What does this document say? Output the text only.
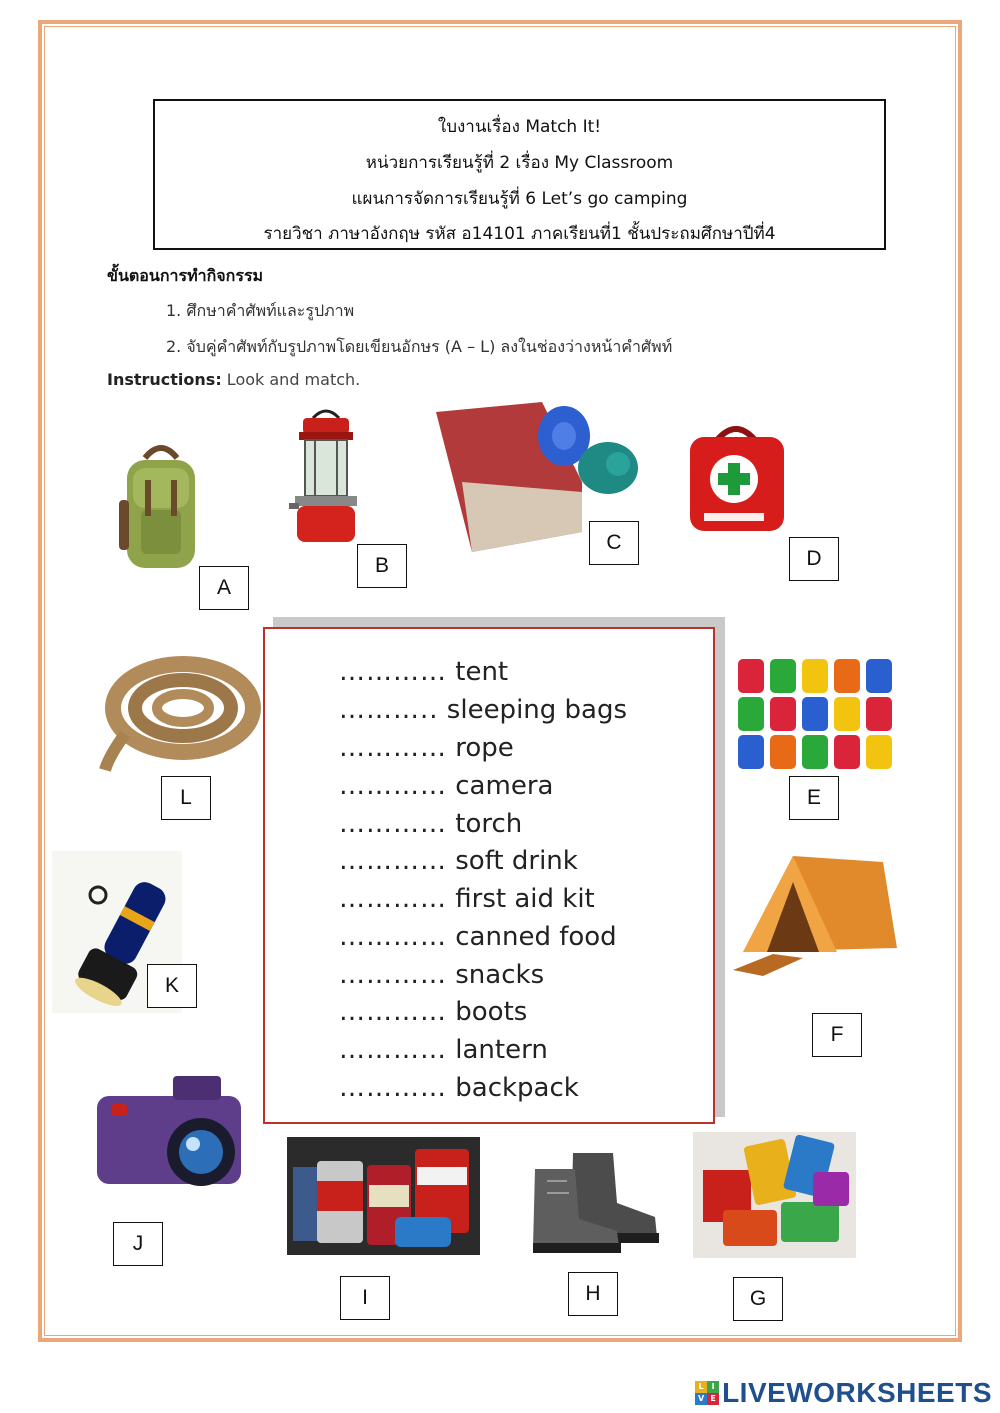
ใบงานเรื่อง Match It!
หน่วยการเรียนรู้ที่ 2 เรื่อง My Classroom
แผนการจัดการเรียนรู้ที่ 6 Let’s go camping
รายวิชา ภาษาอังกฤษ รหัส อ14101 ภาคเรียนที่1 ชั้นประถมศึกษาปีที่4
ขั้นตอนการทำกิจกรรม
1. ศึกษาคำศัพท์และรูปภาพ
2. จับคู่คำศัพท์กับรูปภาพโดยเขียนอักษร (A – L) ลงในช่องว่างหน้าคำศัพท์
Instructions: Look and match.
A
B
C
D
E
F
L
K
J
I	H	G
………… tent
……….. sleeping bags
………… rope
………… camera
………… torch
………… soft drink
………… first aid kit
………… canned food
………… snacks
………… boots
………… lantern
………… backpack
L I
V E LIVEWORKSHEETS
